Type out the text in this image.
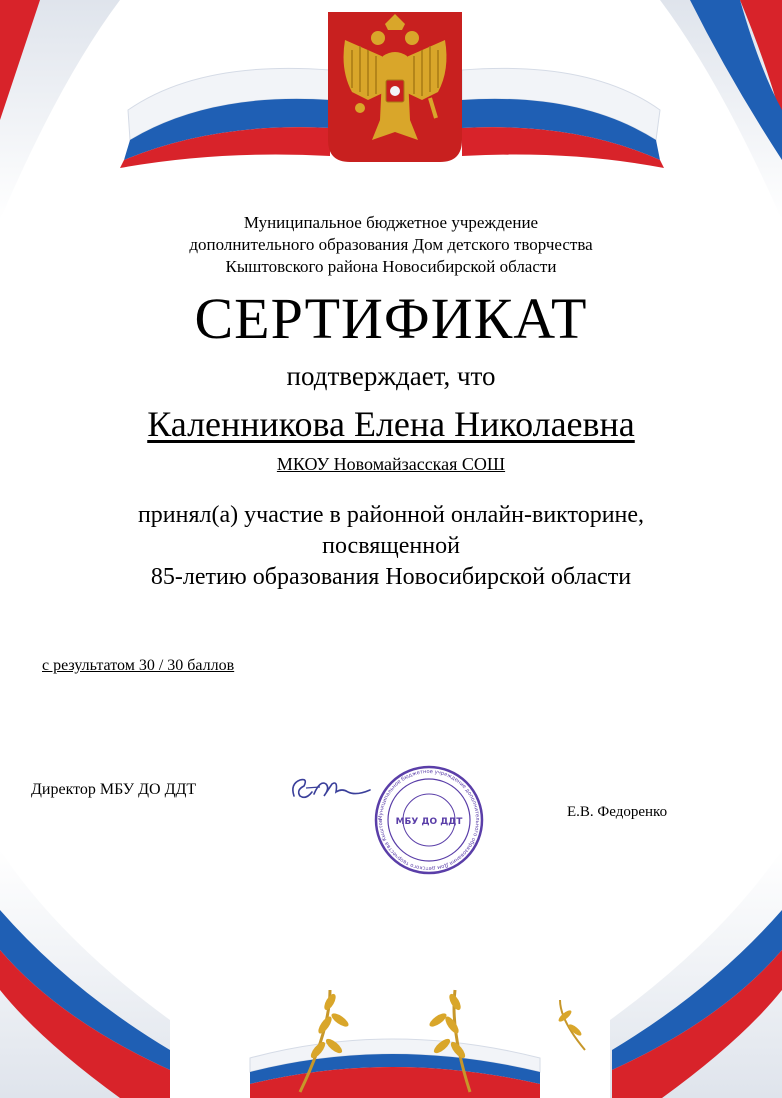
Муниципальное бюджетное учреждение
дополнительного образования Дом детского творчества
Кыштовского района Новосибирской области
СЕРТИФИКАТ
подтверждает, что
Каленникова Елена Николаевна
МКОУ Новомайзасская СОШ
принял(а) участие в районной онлайн-викторине,
посвященной
85-летию образования Новосибирской области
с результатом 30 / 30 баллов
Директор МБУ ДО ДДТ
Муниципальное бюджетное учреждение дополнительного образования Дом детского творчества Кыштов	МБУ ДО ДДТ
Е.В. Федоренко
